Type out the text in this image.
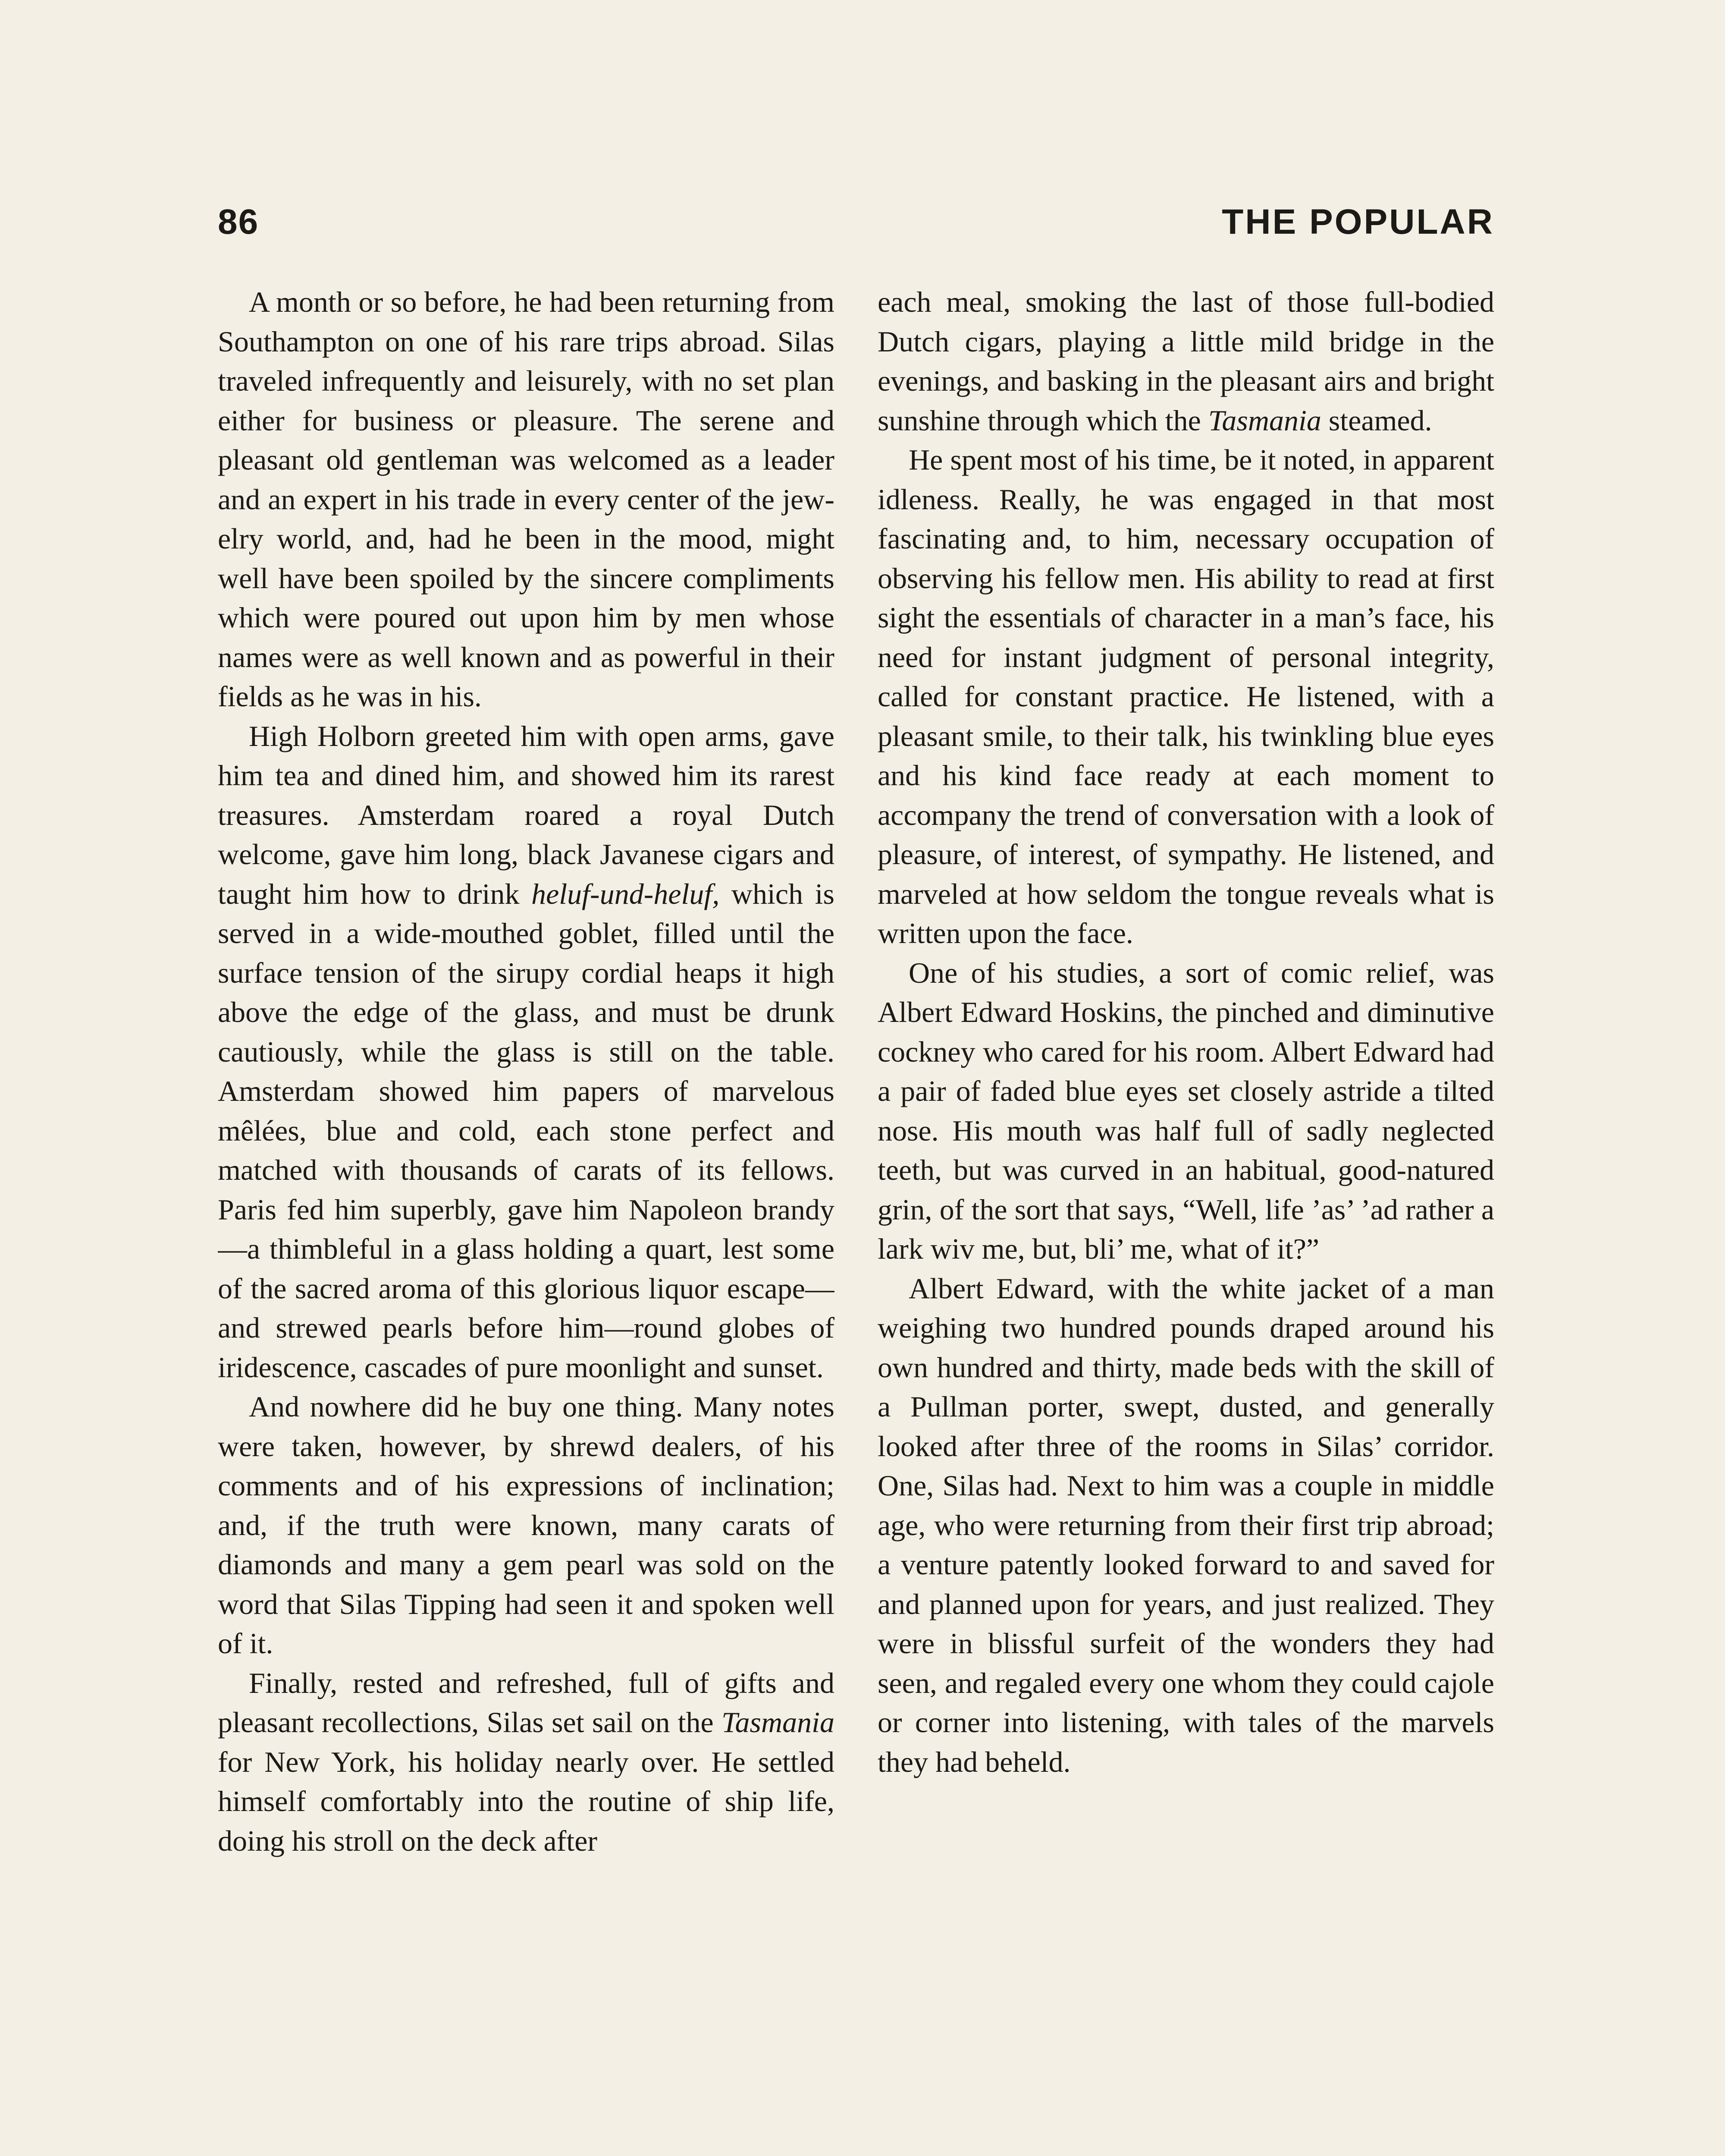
86	THE POPULAR

A month or so before, he had been returning from Southampton on one of his rare trips abroad. Silas traveled infrequently and leisurely, with no set plan either for business or pleasure. The serene and pleasant old gentleman was welcomed as a leader and an expert in his trade in every center of the jewelry world, and, had he been in the mood, might well have been spoiled by the sincere compliments which were poured out upon him by men whose names were as well known and as powerful in their fields as he was in his.

High Holborn greeted him with open arms, gave him tea and dined him, and showed him its rarest treasures. Amsterdam roared a royal Dutch welcome, gave him long, black Javanese cigars and taught him how to drink heluf-und-heluf, which is served in a wide-mouthed goblet, filled until the surface tension of the sirupy cordial heaps it high above the edge of the glass, and must be drunk cautiously, while the glass is still on the table. Amsterdam showed him papers of marvelous mêlées, blue and cold, each stone perfect and matched with thousands of carats of its fellows. Paris fed him superbly, gave him Napoleon brandy—a thimbleful in a glass holding a quart, lest some of the sacred aroma of this glorious liquor escape—and strewed pearls before him—round globes of iridescence, cascades of pure moonlight and sunset.

And nowhere did he buy one thing. Many notes were taken, however, by shrewd dealers, of his comments and of his expressions of inclination; and, if the truth were known, many carats of diamonds and many a gem pearl was sold on the word that Silas Tipping had seen it and spoken well of it.

Finally, rested and refreshed, full of gifts and pleasant recollections, Silas set sail on the Tasmania for New York, his holiday nearly over. He settled himself comfortably into the routine of ship life, doing his stroll on the deck after

each meal, smoking the last of those full-bodied Dutch cigars, playing a little mild bridge in the evenings, and basking in the pleasant airs and bright sunshine through which the Tasmania steamed.

He spent most of his time, be it noted, in apparent idleness. Really, he was engaged in that most fascinating and, to him, necessary occupation of observing his fellow men. His ability to read at first sight the essentials of character in a man’s face, his need for instant judgment of personal integrity, called for constant practice. He listened, with a pleasant smile, to their talk, his twinkling blue eyes and his kind face ready at each moment to accompany the trend of conversation with a look of pleasure, of interest, of sympathy. He listened, and marveled at how seldom the tongue reveals what is written upon the face.

One of his studies, a sort of comic relief, was Albert Edward Hoskins, the pinched and diminutive cockney who cared for his room. Albert Edward had a pair of faded blue eyes set closely astride a tilted nose. His mouth was half full of sadly neglected teeth, but was curved in an habitual, good-natured grin, of the sort that says, “Well, life ’as’ ’ad rather a lark wiv me, but, bli’ me, what of it?”

Albert Edward, with the white jacket of a man weighing two hundred pounds draped around his own hundred and thirty, made beds with the skill of a Pullman porter, swept, dusted, and generally looked after three of the rooms in Silas’ corridor. One, Silas had. Next to him was a couple in middle age, who were returning from their first trip abroad; a venture patently looked forward to and saved for and planned upon for years, and just realized. They were in blissful surfeit of the wonders they had seen, and regaled every one whom they could cajole or corner into listening, with tales of the marvels they had beheld.
